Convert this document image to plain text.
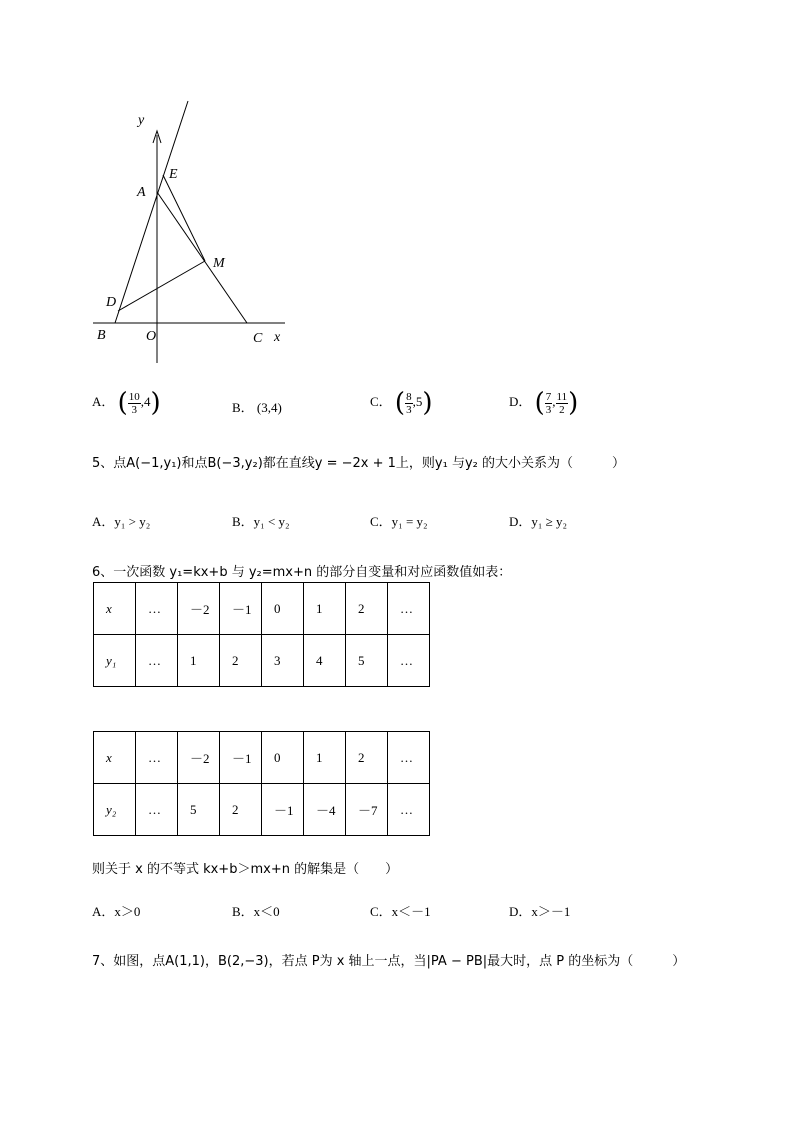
y
E
A
M
D
B	O	C x
A． ( $\frac{10}{3} ,4$)	B． (3,4)	C． ( $\frac{8}{3} ,5$)	D． ( $\frac{7}{3}$ , $\frac{11}{2}$ )
5、点A(−1,y₁)和点B(−3,y₂)都在直线y = −2x + 1上，则y₁ 与y₂ 的大小关系为（　　　）
A．y₁ > y₂	B．y₁ < y₂	C．y₁ = y₂	D．y₁ ≥ y₂
6、一次函数 y₁=kx+b 与 y₂=mx+n 的部分自变量和对应函数值如表：
x	…	－2	－1	0	1	2	…
y₁	…	1	2	3	4	5	…
x	…	－2	－1	0	1	2	…
y₂	…	5	2	－1	－4	－7	…
则关于 x 的不等式 kx+b＞mx+n 的解集是（　　）
A．x＞0	B．x＜0	C．x＜－1	D．x＞－1
7、如图，点A(1,1)，B(2,−3)，若点 P为 x 轴上一点，当|PA − PB|最大时，点 P 的坐标为（　　　）
